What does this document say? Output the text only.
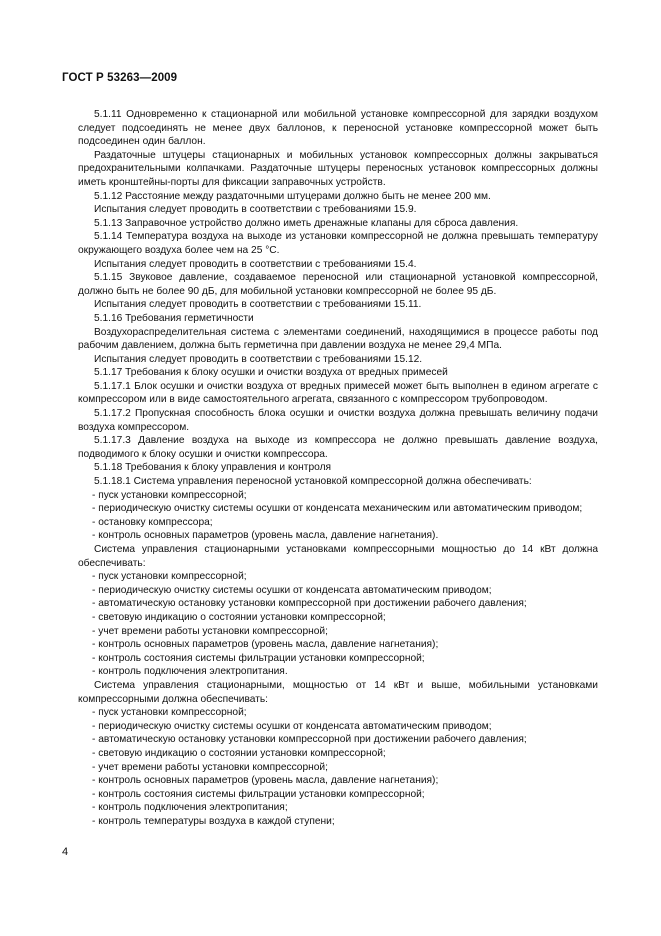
ГОСТ Р 53263—2009

5.1.11 Одновременно к стационарной или мобильной установке компрессорной для зарядки воздухом следует подсоединять не менее двух баллонов, к переносной установке компрессорной может быть подсоединен один баллон.

Раздаточные штуцеры стационарных и мобильных установок компрессорных должны закрываться предохранительными колпачками. Раздаточные штуцеры переносных установок компрессорных должны иметь кронштейны-порты для фиксации заправочных устройств.

5.1.12 Расстояние между раздаточными штуцерами должно быть не менее 200 мм.

Испытания следует проводить в соответствии с требованиями 15.9.

5.1.13 Заправочное устройство должно иметь дренажные клапаны для сброса давления.

5.1.14 Температура воздуха на выходе из установки компрессорной не должна превышать температуру окружающего воздуха более чем на 25 °С.

Испытания следует проводить в соответствии с требованиями 15.4.

5.1.15 Звуковое давление, создаваемое переносной или стационарной установкой компрессорной, должно быть не более 90 дБ, для мобильной установки компрессорной не более 95 дБ.

Испытания следует проводить в соответствии с требованиями 15.11.

5.1.16 Требования герметичности

Воздухораспределительная система с элементами соединений, находящимися в процессе работы под рабочим давлением, должна быть герметична при давлении воздуха не менее 29,4 МПа.

Испытания следует проводить в соответствии с требованиями 15.12.

5.1.17 Требования к блоку осушки и очистки воздуха от вредных примесей

5.1.17.1 Блок осушки и очистки воздуха от вредных примесей может быть выполнен в едином агрегате с компрессором или в виде самостоятельного агрегата, связанного с компрессором трубопроводом.

5.1.17.2 Пропускная способность блока осушки и очистки воздуха должна превышать величину подачи воздуха компрессором.

5.1.17.3 Давление воздуха на выходе из компрессора не должно превышать давление воздуха, подводимого к блоку осушки и очистки компрессора.

5.1.18 Требования к блоку управления и контроля

5.1.18.1 Система управления переносной установкой компрессорной должна обеспечивать:

- пуск установки компрессорной;

- периодическую очистку системы осушки от конденсата механическим или автоматическим приводом;

- остановку компрессора;

- контроль основных параметров (уровень масла, давление нагнетания).

Система управления стационарными установками компрессорными мощностью до 14 кВт должна обеспечивать:

- пуск установки компрессорной;

- периодическую очистку системы осушки от конденсата автоматическим приводом;

- автоматическую остановку установки компрессорной при достижении рабочего давления;

- световую индикацию о состоянии установки компрессорной;

- учет времени работы установки компрессорной;

- контроль основных параметров (уровень масла, давление нагнетания);

- контроль состояния системы фильтрации установки компрессорной;

- контроль подключения электропитания.

Система управления стационарными, мощностью от 14 кВт и выше, мобильными установками компрессорными должна обеспечивать:

- пуск установки компрессорной;

- периодическую очистку системы осушки от конденсата автоматическим приводом;

- автоматическую остановку установки компрессорной при достижении рабочего давления;

- световую индикацию о состоянии установки компрессорной;

- учет времени работы установки компрессорной;

- контроль основных параметров (уровень масла, давление нагнетания);

- контроль состояния системы фильтрации установки компрессорной;

- контроль подключения электропитания;

- контроль температуры воздуха в каждой ступени;

4
